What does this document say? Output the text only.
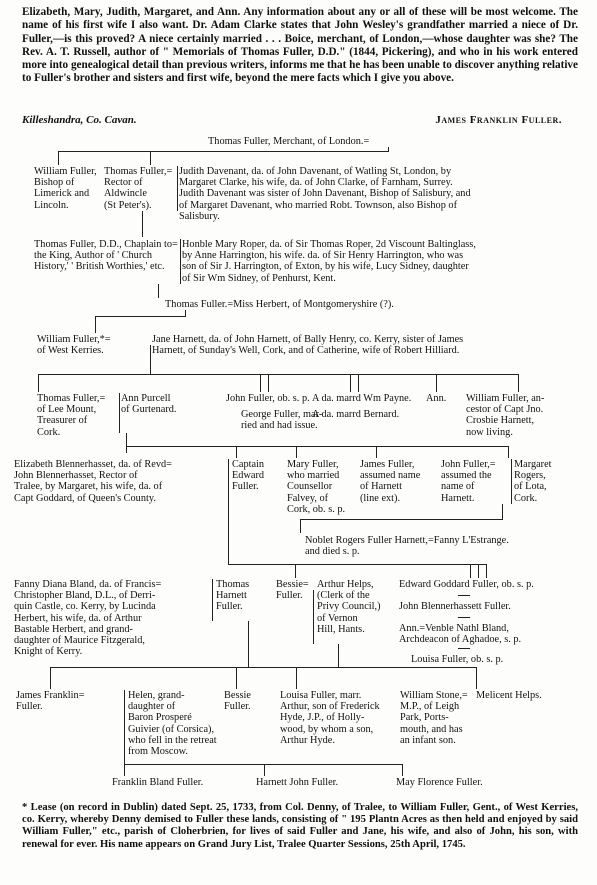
Elizabeth, Mary, Judith, Margaret, and Ann. Any information about any or all of these will be most welcome. The name of his first wife I also want. Dr. Adam Clarke states that John Wesley's grandfather married a niece of Dr. Fuller,—is this proved? A niece certainly married . . . Boice, merchant, of London,—whose daughter was she? The Rev. A. T. Russell, author of " Memorials of Thomas Fuller, D.D." (1844, Pickering), and who in his work entered more into genealogical detail than previous writers, informs me that he has been unable to discover anything relative to Fuller's brother and sisters and first wife, beyond the mere facts which I give you above.

Killeshandra, Co. Cavan.	James Franklin Fuller.
Thomas Fuller, Merchant, of London.=
William Fuller,
Bishop of
Limerick and
Lincoln.
Thomas Fuller,=
Rector of
Aldwincle
(St Peter's).
Judith Davenant, da. of John Davenant, of Watling St, London, by
Margaret Clarke, his wife, da. of John Clarke, of Farnham, Surrey.
Judith Davenant was sister of John Davenant, Bishop of Salisbury, and
of Margaret Davenant, who married Robt. Townson, also Bishop of
Salisbury.
Thomas Fuller, D.D., Chaplain to=
the King, Author of ' Church
History,' ' British Worthies,' etc.
Honble Mary Roper, da. of Sir Thomas Roper, 2d Viscount Baltinglass,
by Anne Harrington, his wife. da. of Sir Henry Harrington, who was
son of Sir J. Harrington, of Exton, by his wife, Lucy Sidney, daughter
of Sir Wm Sidney, of Penhurst, Kent.
Thomas Fuller.=Miss Herbert, of Montgomeryshire (?).
William Fuller,*=
of West Kerries.
Jane Harnett, da. of John Harnett, of Bally Henry, co. Kerry, sister of James
Harnett, of Sunday's Well, Cork, and of Catherine, wife of Robert Hilliard.
Thomas Fuller,=
of Lee Mount,
Treasurer of
Cork.
Ann Purcell
of Gurtenard.
John Fuller, ob. s. p.
George Fuller, mar-
ried and had issue.
A da. marrd Wm Payne.
A da. marrd Bernard.
Ann. William Fuller, an-
cestor of Capt Jno.
Crosbie Harnett,
now living.
Elizabeth Blennerhasset, da. of Revd=
John Blennerhasset, Rector of
Tralee, by Margaret, his wife, da. of
Capt Goddard, of Queen's County.
Captain
Edward
Fuller.
Mary Fuller,
who married
Counsellor
Falvey, of
Cork, ob. s. p.
James Fuller,
assumed name
of Harnett
(line ext).
John Fuller,=
assumed the
name of
Harnett.
Margaret
Rogers,
of Lota,
Cork.
Noblet Rogers Fuller Harnett,=Fanny L'Estrange.
and died s. p.
Fanny Diana Bland, da. of Francis=
Christopher Bland, D.L., of Derri-
quin Castle, co. Kerry, by Lucinda
Herbert, his wife, da. of Arthur
Bastable Herbert, and grand-
daughter of Maurice Fitzgerald,
Knight of Kerry.
Thomas
Harnett
Fuller.
Bessie=
Fuller.
Arthur Helps,
(Clerk of the
Privy Council,)
of Vernon
Hill, Hants.
Edward Goddard Fuller, ob. s. p.
John Blennerhassett Fuller.
Ann.=Venble Nathl Bland,
Archdeacon of Aghadoe, s. p.
Louisa Fuller, ob. s. p.
James Franklin=
Fuller.
Helen, grand-
daughter of
Baron Prosperé
Guivier (of Corsica),
who fell in the retreat
from Moscow.
Bessie
Fuller.
Louisa Fuller, marr.
Arthur, son of Frederick
Hyde, J.P., of Holly-
wood, by whom a son,
Arthur Hyde.
William Stone,=
M.P., of Leigh
Park, Ports-
mouth, and has
an infant son.
Melicent Helps.
Franklin Bland Fuller.	Harnett John Fuller.	May Florence Fuller.

* Lease (on record in Dublin) dated Sept. 25, 1733, from Col. Denny, of Tralee, to William Fuller, Gent., of West Kerries, co. Kerry, whereby Denny demised to Fuller these lands, consisting of " 195 Plantn Acres as then held and enjoyed by said William Fuller," etc., parish of Cloherbrien, for lives of said Fuller and Jane, his wife, and also of John, his son, with renewal for ever. His name appears on Grand Jury List, Tralee Quarter Sessions, 25th April, 1745.
